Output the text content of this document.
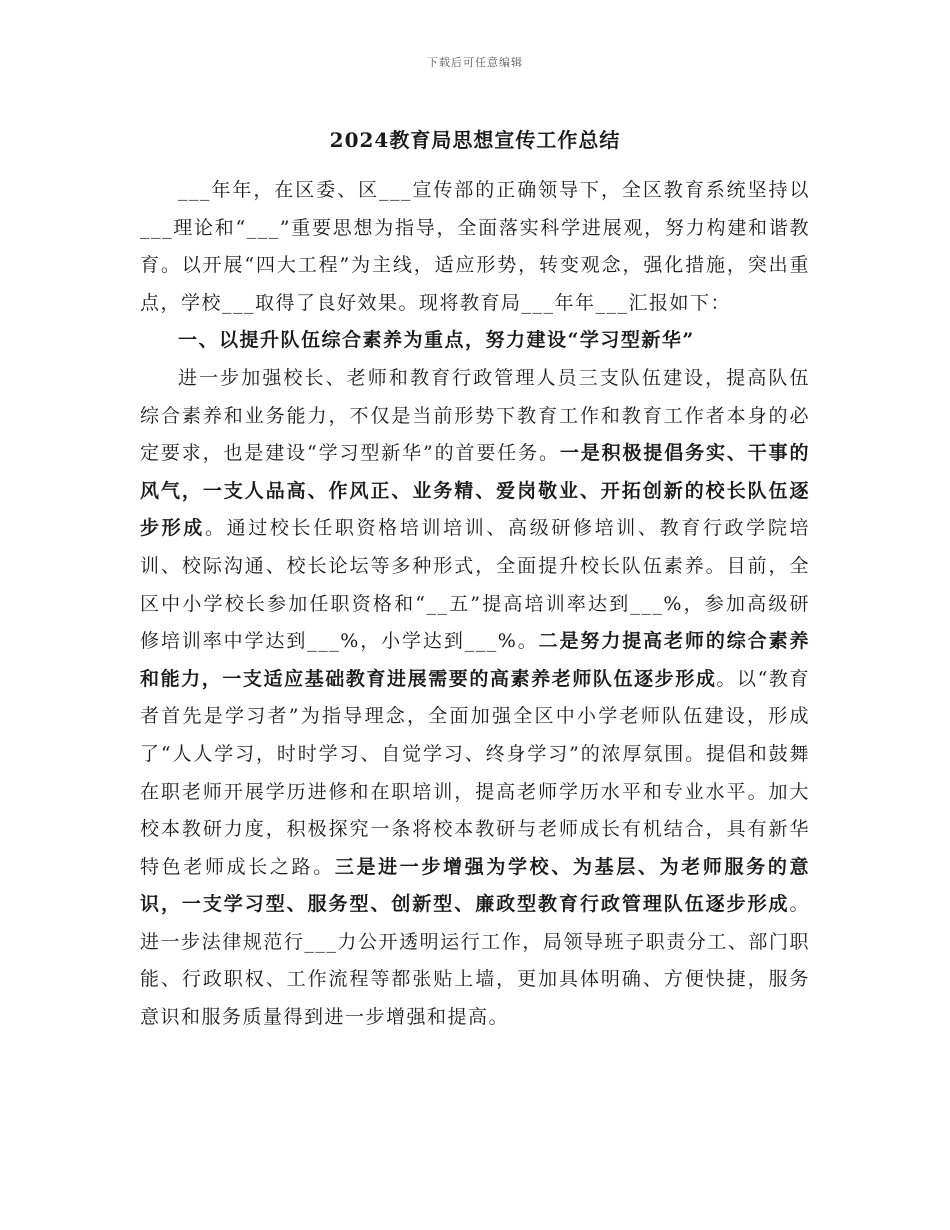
下载后可任意编辑
2024教育局思想宣传工作总结

___年年，在区委、区___宣传部的正确领导下，全区教育系统坚持以___理论和“___”重要思想为指导，全面落实科学进展观，努力构建和谐教育。以开展“四大工程”为主线，适应形势，转变观念，强化措施，突出重点，学校___取得了良好效果。现将教育局___年年___汇报如下：

一、以提升队伍综合素养为重点，努力建设“学习型新华”

进一步加强校长、老师和教育行政管理人员三支队伍建设，提高队伍综合素养和业务能力，不仅是当前形势下教育工作和教育工作者本身的必定要求，也是建设“学习型新华”的首要任务。一是积极提倡务实、干事的风气，一支人品高、作风正、业务精、爱岗敬业、开拓创新的校长队伍逐步形成。通过校长任职资格培训培训、高级研修培训、教育行政学院培训、校际沟通、校长论坛等多种形式，全面提升校长队伍素养。目前，全区中小学校长参加任职资格和“__五”提高培训率达到___%，参加高级研修培训率中学达到___%，小学达到___%。二是努力提高老师的综合素养和能力，一支适应基础教育进展需要的高素养老师队伍逐步形成。以“教育者首先是学习者”为指导理念，全面加强全区中小学老师队伍建设，形成了“人人学习，时时学习、自觉学习、终身学习”的浓厚氛围。提倡和鼓舞在职老师开展学历进修和在职培训，提高老师学历水平和专业水平。加大校本教研力度，积极探究一条将校本教研与老师成长有机结合，具有新华特色老师成长之路。三是进一步增强为学校、为基层、为老师服务的意识，一支学习型、服务型、创新型、廉政型教育行政管理队伍逐步形成。进一步法律规范行___力公开透明运行工作，局领导班子职责分工、部门职能、行政职权、工作流程等都张贴上墙，更加具体明确、方便快捷，服务意识和服务质量得到进一步增强和提高。
